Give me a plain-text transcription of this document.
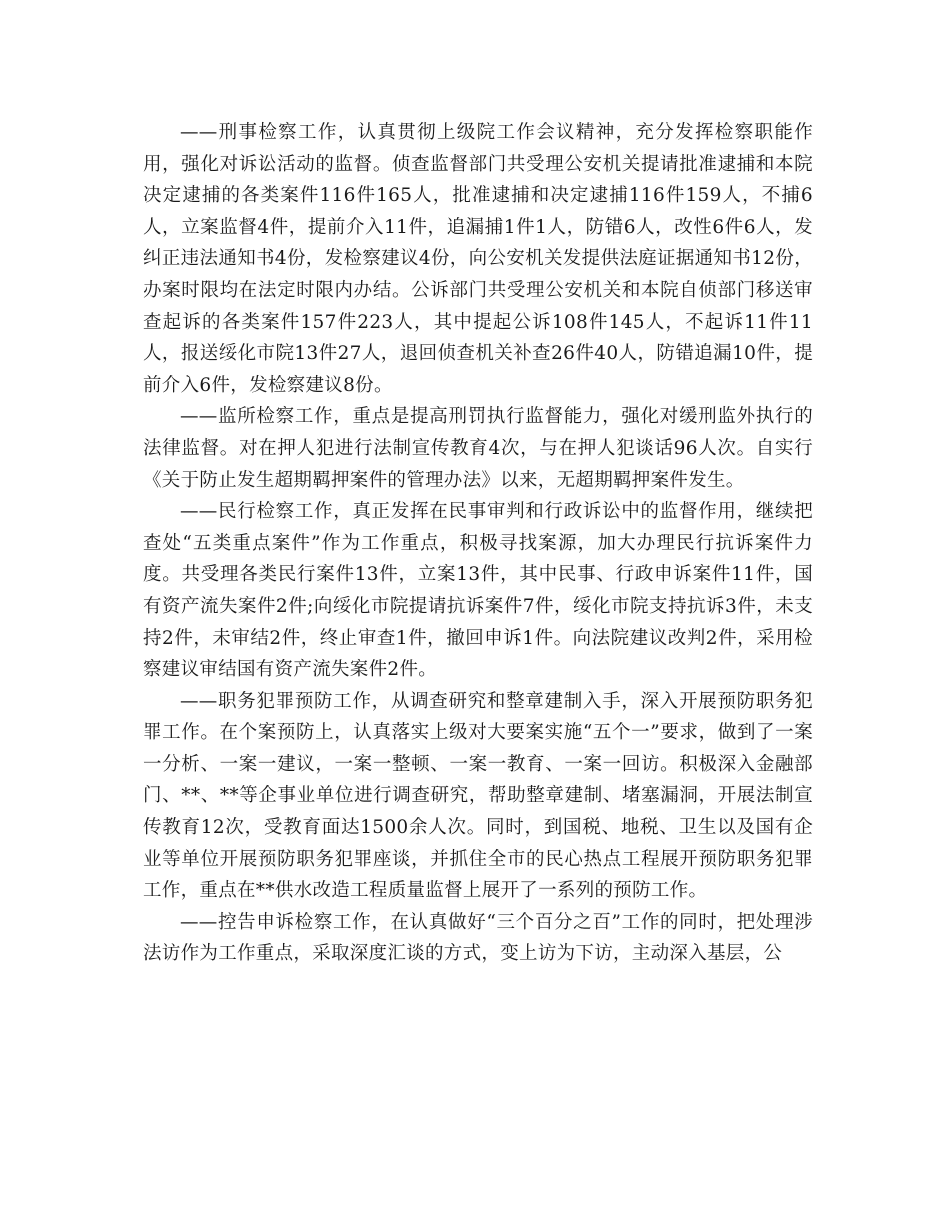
——刑事检察工作，认真贯彻上级院工作会议精神，充分发挥检察职能作用，强化对诉讼活动的监督。侦查监督部门共受理公安机关提请批准逮捕和本院决定逮捕的各类案件116件165人，批准逮捕和决定逮捕116件159人，不捕6人，立案监督4件，提前介入11件，追漏捕1件1人，防错6人，改性6件6人，发纠正违法通知书4份，发检察建议4份，向公安机关发提供法庭证据通知书12份，办案时限均在法定时限内办结。公诉部门共受理公安机关和本院自侦部门移送审查起诉的各类案件157件223人，其中提起公诉108件145人，不起诉11件11人，报送绥化市院13件27人，退回侦查机关补查26件40人，防错追漏10件，提前介入6件，发检察建议8份。

——监所检察工作，重点是提高刑罚执行监督能力，强化对缓刑监外执行的法律监督。对在押人犯进行法制宣传教育4次，与在押人犯谈话96人次。自实行《关于防止发生超期羁押案件的管理办法》以来，无超期羁押案件发生。

——民行检察工作，真正发挥在民事审判和行政诉讼中的监督作用，继续把查处“五类重点案件”作为工作重点，积极寻找案源，加大办理民行抗诉案件力度。共受理各类民行案件13件，立案13件，其中民事、行政申诉案件11件，国有资产流失案件2件;向绥化市院提请抗诉案件7件，绥化市院支持抗诉3件，未支持2件，未审结2件，终止审查1件，撤回申诉1件。向法院建议改判2件，采用检察建议审结国有资产流失案件2件。

——职务犯罪预防工作，从调查研究和整章建制入手，深入开展预防职务犯罪工作。在个案预防上，认真落实上级对大要案实施“五个一”要求，做到了一案一分析、一案一建议，一案一整顿、一案一教育、一案一回访。积极深入金融部门、**、**等企事业单位进行调查研究，帮助整章建制、堵塞漏洞，开展法制宣传教育12次，受教育面达1500余人次。同时，到国税、地税、卫生以及国有企业等单位开展预防职务犯罪座谈，并抓住全市的民心热点工程展开预防职务犯罪工作，重点在**供水改造工程质量监督上展开了一系列的预防工作。

——控告申诉检察工作，在认真做好“三个百分之百”工作的同时，把处理涉法访作为工作重点，采取深度汇谈的方式，变上访为下访，主动深入基层，公
